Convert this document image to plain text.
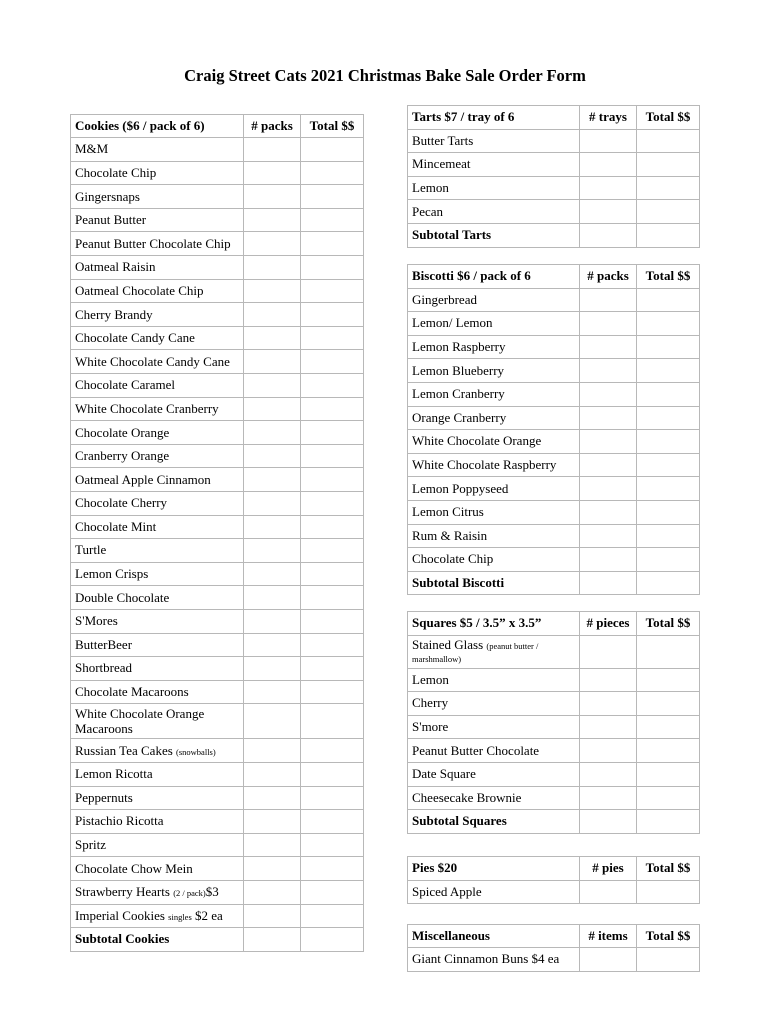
Craig Street Cats 2021 Christmas Bake Sale Order Form
Cookies ($6 / pack of 6)	# packs	Total $$
M&M		
Chocolate Chip		
Gingersnaps		
Peanut Butter		
Peanut Butter Chocolate Chip		
Oatmeal Raisin		
Oatmeal Chocolate Chip		
Cherry Brandy		
Chocolate Candy Cane		
White Chocolate Candy Cane		
Chocolate Caramel		
White Chocolate Cranberry		
Chocolate Orange		
Cranberry Orange		
Oatmeal Apple Cinnamon		
Chocolate Cherry		
Chocolate Mint		
Turtle		
Lemon Crisps		
Double Chocolate		
S'Mores		
ButterBeer		
Shortbread		
Chocolate Macaroons		
White Chocolate Orange Macaroons		
Russian Tea Cakes (snowballs)		
Lemon Ricotta		
Peppernuts		
Pistachio Ricotta		
Spritz		
Chocolate Chow Mein		
Strawberry Hearts (2 / pack)$3		
Imperial Cookies singles $2 ea		
Subtotal Cookies		
Tarts $7 / tray of 6	# trays	Total $$
Butter Tarts		
Mincemeat		
Lemon		
Pecan		
Subtotal Tarts		
Biscotti $6 / pack of 6	# packs	Total $$
Gingerbread		
Lemon/ Lemon		
Lemon Raspberry		
Lemon Blueberry		
Lemon Cranberry		
Orange Cranberry		
White Chocolate Orange		
White Chocolate Raspberry		
Lemon Poppyseed		
Lemon Citrus		
Rum & Raisin		
Chocolate Chip		
Subtotal Biscotti		
Squares $5 / 3.5” x 3.5”	# pieces	Total $$
Stained Glass (peanut butter / marshmallow)		
Lemon		
Cherry		
S'more		
Peanut Butter Chocolate		
Date Square		
Cheesecake Brownie		
Subtotal Squares		
Pies $20	# pies	Total $$
Spiced Apple		
Miscellaneous	# items	Total $$
Giant Cinnamon Buns $4 ea		
